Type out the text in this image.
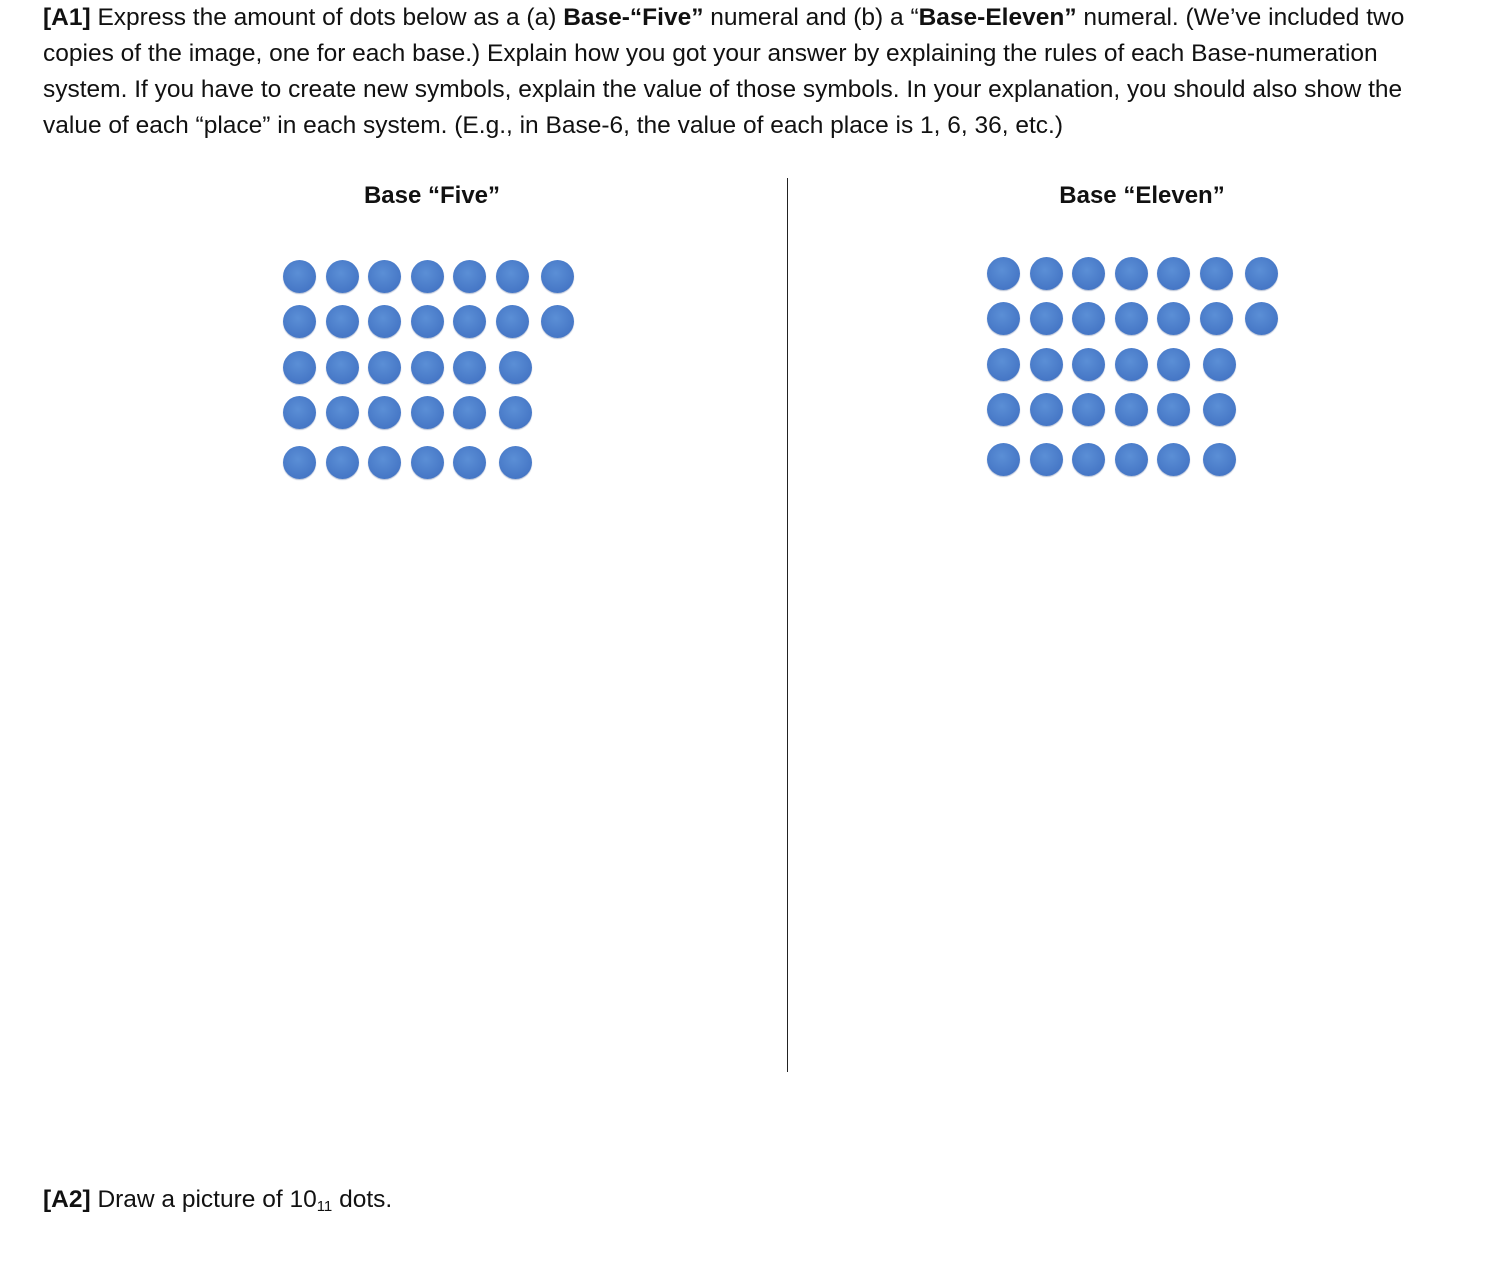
[A1] Express the amount of dots below as a (a) Base-“Five” numeral and (b) a “Base-Eleven” numeral. (We’ve included two copies of the image, one for each base.) Explain how you got your answer by explaining the rules of each Base-numeration system. If you have to create new symbols, explain the value of those symbols. In your explanation, you should also show the value of each “place” in each system. (E.g., in Base-6, the value of each place is 1, 6, 36, etc.)
Base “Five”	Base “Eleven”
[A2] Draw a picture of $10_{11}$ dots.
